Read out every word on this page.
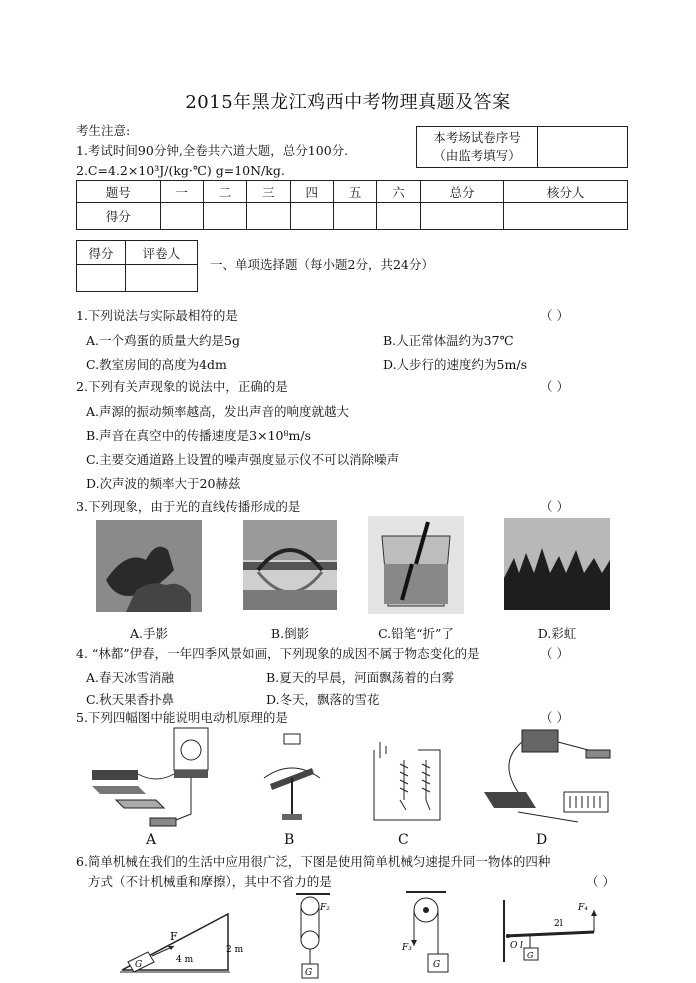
2015年黑龙江鸡西中考物理真题及答案
考生注意:
1.考试时间90分钟,全卷共六道大题，总分100分.
2.C=4.2×10³J/(kg·℃) g=10N/kg.
本考场试卷序号
（由监考填写）

题号	一	二	三	四	五	六	总分	核分人
得分								
得分	评卷人

一、单项选择题（每小题2分，共24分）
1.下列说法与实际最相符的是	（ ）
A.一个鸡蛋的质量大约是5g	B.人正常体温约为37℃
C.教室房间的高度为4dm	D.人步行的速度约为5m/s
2.下列有关声现象的说法中，正确的是	（ ）
A.声源的振动频率越高，发出声音的响度就越大
B.声音在真空中的传播速度是3×10⁸m/s
C.主要交通道路上设置的噪声强度显示仪不可以消除噪声
D.次声波的频率大于20赫兹
3.下列现象，由于光的直线传播形成的是	（ ）
A.手影	B.倒影	C.铅笔“折”了	D.彩虹
4. “林都”伊春，一年四季风景如画，下列现象的成因不属于物态变化的是	（ ）
A.春天冰雪消融	B.夏天的早晨，河面飘荡着的白雾
C.秋天果香扑鼻	D.冬天，飘落的雪花
5.下列四幅图中能说明电动机原理的是	（ ）
A	B	C	D
6.简单机械在我们的生活中应用很广泛，下图是使用简单机械匀速提升同一物体的四种
方式（不计机械重和摩擦），其中不省力的是	（ ）
G
F
4 m
2 m
G
F₂
F₃
G
F₄
2l
O l
G
